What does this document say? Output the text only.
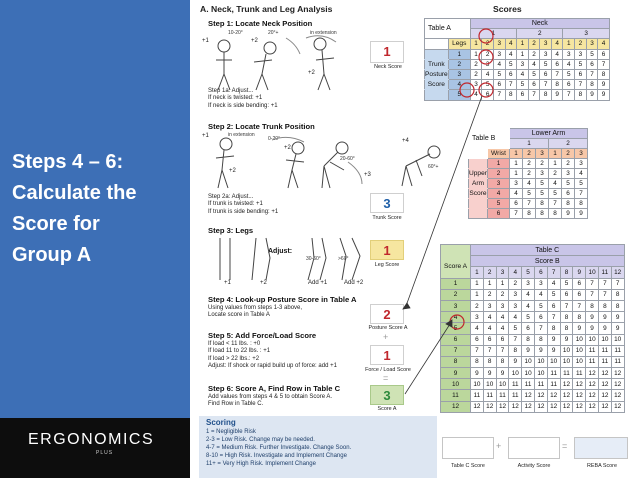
Steps 4 – 6:
Calculate the
Score for
Group A
ERGONOMICS
PLUS
A. Neck, Trunk and Leg Analysis	Scores
Step 1: Locate Neck Position
10-20°	20°+	in extension
+1	+2
+2
Step 1a: Adjust...
If neck is twisted: +1
If neck is side bending: +1
1
Neck Score
Step 2: Locate Trunk Position
in extension
0-20°
20-60°
60°+
+1
+2
+2
+3
+4
Step 2a: Adjust...
If trunk is twisted: +1
If trunk is side bending: +1
3
Trunk Score
Step 3: Legs
Adjust:
30-60°	>60°
+1	+2	Add +1	Add +2
1
Leg Score
Step 4: Look-up Posture Score in Table A
Using values from steps 1-3 above,
Locate score in Table A	2
Posture Score A
+
Step 5: Add Force/Load Score
If load < 11 lbs. : +0
If load 11 to 22 lbs. : +1
If load > 22 lbs.: +2
Adjust: If shock or rapid build up of force: add +1
1
Force / Load Score
=
Step 6: Score A, Find Row in Table C
Add values from steps 4 & 5 to obtain Score A.
Find Row in Table C.
3
Score A
Scoring
1 = Negligible Risk
2-3 = Low Risk. Change may be needed.
4-7 = Medium Risk. Further Investigate. Change Soon.
8-10 = High Risk. Investigate and Implement Change
11+ = Very High Risk. Implement Change
Table A		Neck											
		1				2				3			
	Legs	1	2	3	4	1	2	3	4	1	2	3	4
	1	1	2	3	4	1	2	3	4	3	3	5	6
Trunk	2	2	3	4	5	3	4	5	6	4	5	6	7
Posture	3	2	4	5	6	4	5	6	7	5	6	7	8
Score	4	3	5	6	7	5	6	7	8	6	7	8	9
	5	4	6	7	8	6	7	8	9	7	8	9	9
Table B		Lower Arm					
		1			2		
	Wrist	1	2	3	1	2	3
	1	1	2	2	1	2	3
Upper	2	1	2	3	2	3	4
Arm	3	3	4	5	4	5	5
Score	4	4	5	5	5	6	7
	5	6	7	8	7	8	8
	6	7	8	8	8	9	9
Score A	Table C											
	Score B											
	1	2	3	4	5	6	7	8	9	10	11	12
1	1	1	1	2	3	3	4	5	6	7	7	7
2	1	2	2	3	4	4	5	6	6	7	7	8
3	2	3	3	3	4	5	6	7	7	8	8	8
4	3	4	4	4	5	6	7	8	8	9	9	9
5	4	4	4	5	6	7	8	8	9	9	9	9
6	6	6	6	7	8	8	9	9	10	10	10	10
7	7	7	7	8	9	9	9	10	10	11	11	11
8	8	8	8	9	10	10	10	10	10	11	11	11
9	9	9	9	10	10	10	11	11	11	12	12	12
10	10	10	10	11	11	11	11	12	12	12	12	12
11	11	11	11	11	12	12	12	12	12	12	12	12
12	12	12	12	12	12	12	12	12	12	12	12	12
+	=
Table C Score	Activity Score	REBA Score
